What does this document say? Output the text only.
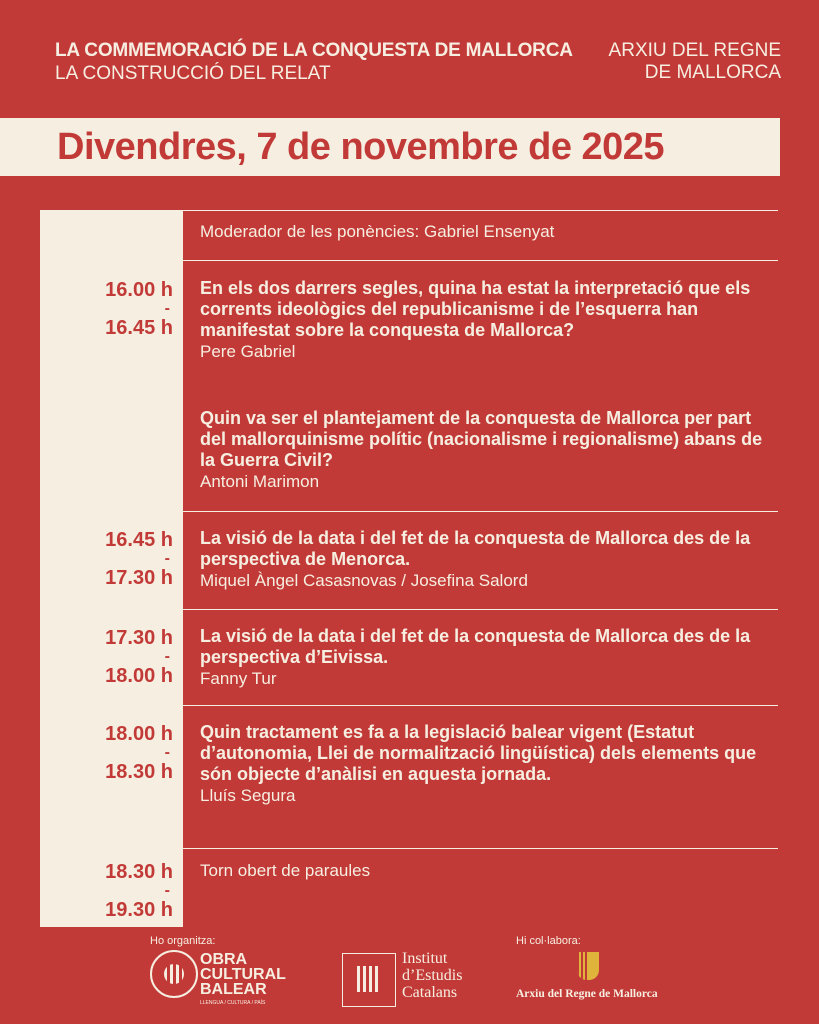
LA COMMEMORACIÓ DE LA CONQUESTA DE MALLORCA
LA CONSTRUCCIÓ DEL RELAT
ARXIU DEL REGNE
DE MALLORCA
Divendres, 7 de novembre de 2025
Moderador de les ponències: Gabriel Ensenyat
16.00 h
-
16.45 h
En els dos darrers segles, quina ha estat la interpretació que els corrents ideològics del republicanisme i de l’esquerra han manifestat sobre la conquesta de Mallorca?
Pere Gabriel
Quin va ser el plantejament de la conquesta de Mallorca per part del mallorquinisme polític (nacionalisme i regionalisme) abans de la Guerra Civil?
Antoni Marimon
16.45 h
-
17.30 h
La visió de la data i del fet de la conquesta de Mallorca des de la perspectiva de Menorca.
Miquel Àngel Casasnovas / Josefina Salord
17.30 h
-
18.00 h
La visió de la data i del fet de la conquesta de Mallorca des de la perspectiva d’Eivissa.
Fanny Tur
18.00 h
-
18.30 h
Quin tractament es fa a la legislació balear vigent (Estatut d’autonomia, Llei de normalització lingüística) dels elements que són objecte d’anàlisi en aquesta jornada.
Lluís Segura
18.30 h
-
19.30 h
Torn obert de paraules
Ho organitza:	Hi col·labora:
OBRA
CULTURAL
BALEAR
LLENGUA / CULTURA / PAÍS
Institut
d’Estudis
Catalans	Arxiu del Regne de Mallorca
